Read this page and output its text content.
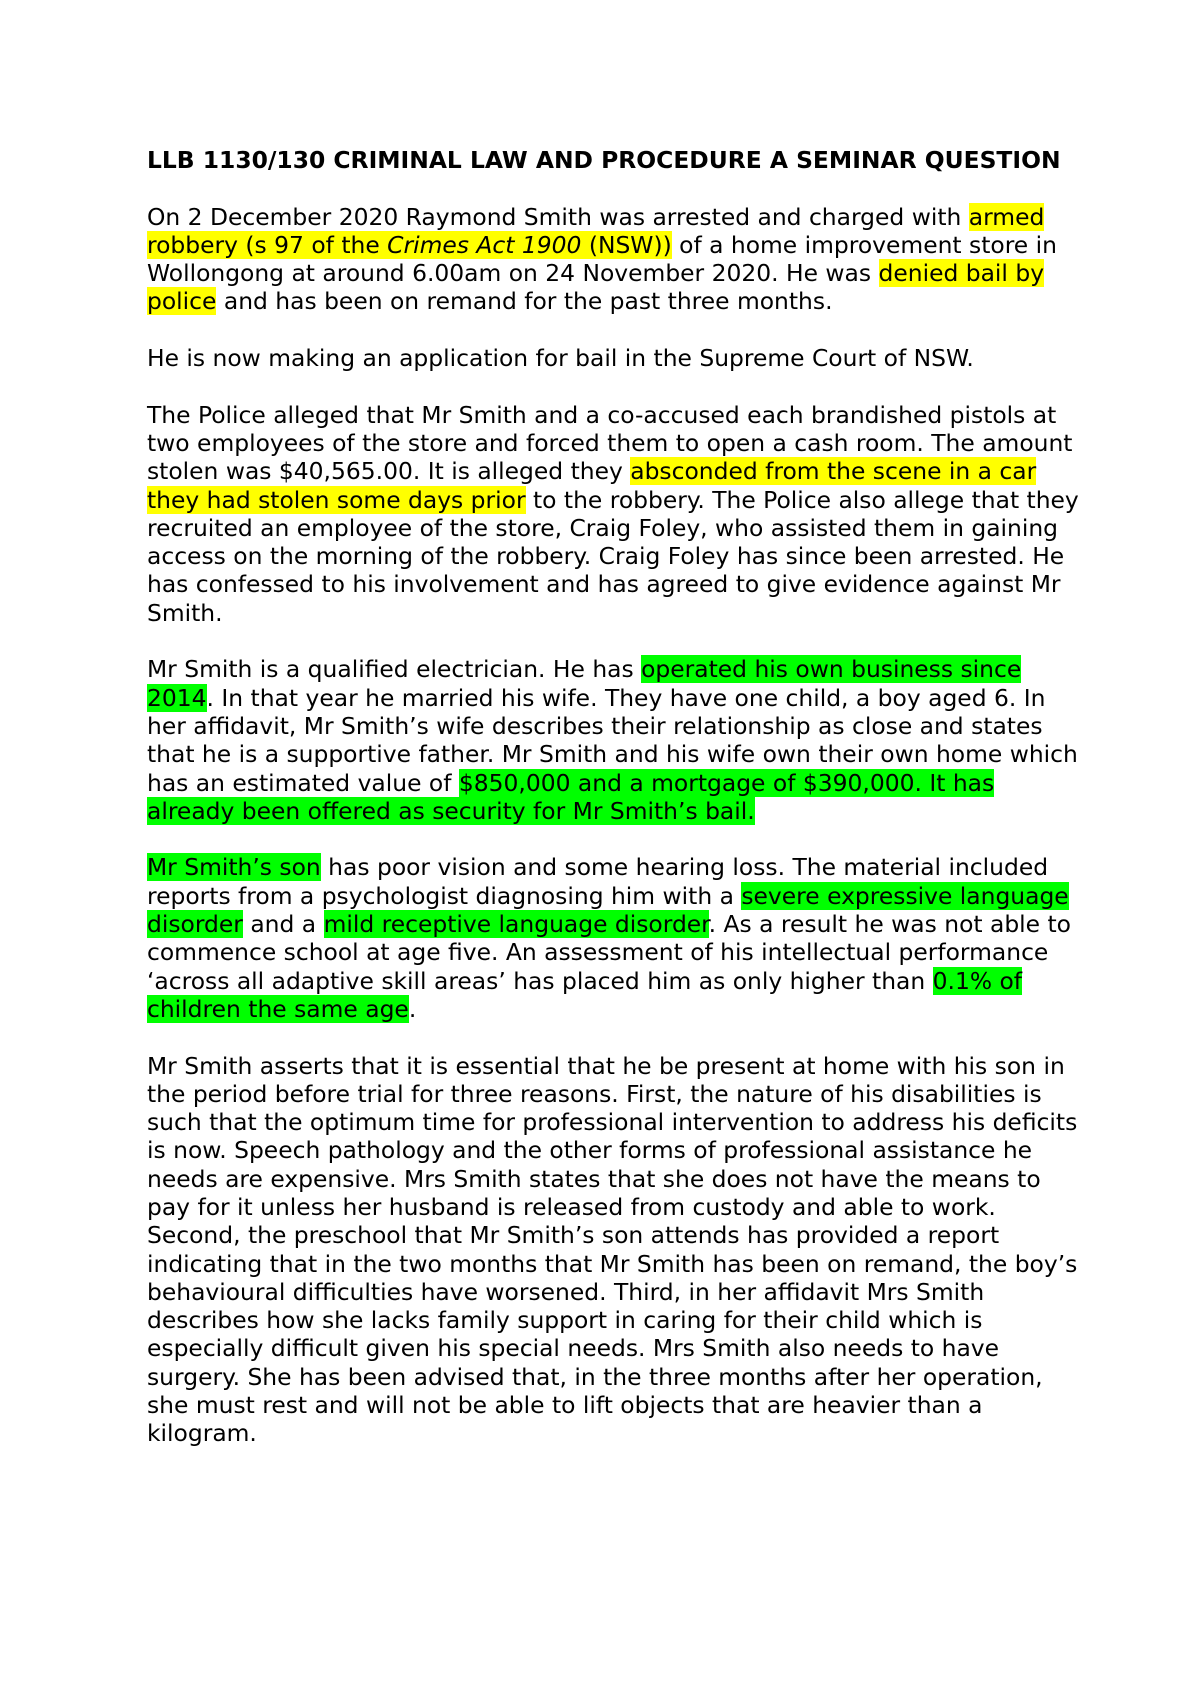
LLB 1130/130 CRIMINAL LAW AND PROCEDURE A SEMINAR QUESTION

On 2 December 2020 Raymond Smith was arrested and charged with armed robbery (s 97 of the Crimes Act 1900 (NSW)) of a home improvement store in Wollongong at around 6.00am on 24 November 2020. He was denied bail by police and has been on remand for the past three months.

He is now making an application for bail in the Supreme Court of NSW.

The Police alleged that Mr Smith and a co-accused each brandished pistols at two employees of the store and forced them to open a cash room. The amount stolen was $40,565.00. It is alleged they absconded from the scene in a car they had stolen some days prior to the robbery. The Police also allege that they recruited an employee of the store, Craig Foley, who assisted them in gaining access on the morning of the robbery. Craig Foley has since been arrested. He has confessed to his involvement and has agreed to give evidence against Mr Smith.

Mr Smith is a qualified electrician. He has operated his own business since 2014. In that year he married his wife. They have one child, a boy aged 6. In her affidavit, Mr Smith’s wife describes their relationship as close and states that he is a supportive father. Mr Smith and his wife own their own home which has an estimated value of $850,000 and a mortgage of $390,000. It has already been offered as security for Mr Smith’s bail.

Mr Smith’s son has poor vision and some hearing loss. The material included reports from a psychologist diagnosing him with a severe expressive language disorder and a mild receptive language disorder. As a result he was not able to commence school at age five. An assessment of his intellectual performance ‘across all adaptive skill areas’ has placed him as only higher than 0.1% of children the same age.

Mr Smith asserts that it is essential that he be present at home with his son in the period before trial for three reasons. First, the nature of his disabilities is such that the optimum time for professional intervention to address his deficits is now. Speech pathology and the other forms of professional assistance he needs are expensive. Mrs Smith states that she does not have the means to pay for it unless her husband is released from custody and able to work. Second, the preschool that Mr Smith’s son attends has provided a report indicating that in the two months that Mr Smith has been on remand, the boy’s behavioural difficulties have worsened. Third, in her affidavit Mrs Smith describes how she lacks family support in caring for their child which is especially difficult given his special needs. Mrs Smith also needs to have surgery. She has been advised that, in the three months after her operation, she must rest and will not be able to lift objects that are heavier than a kilogram.
